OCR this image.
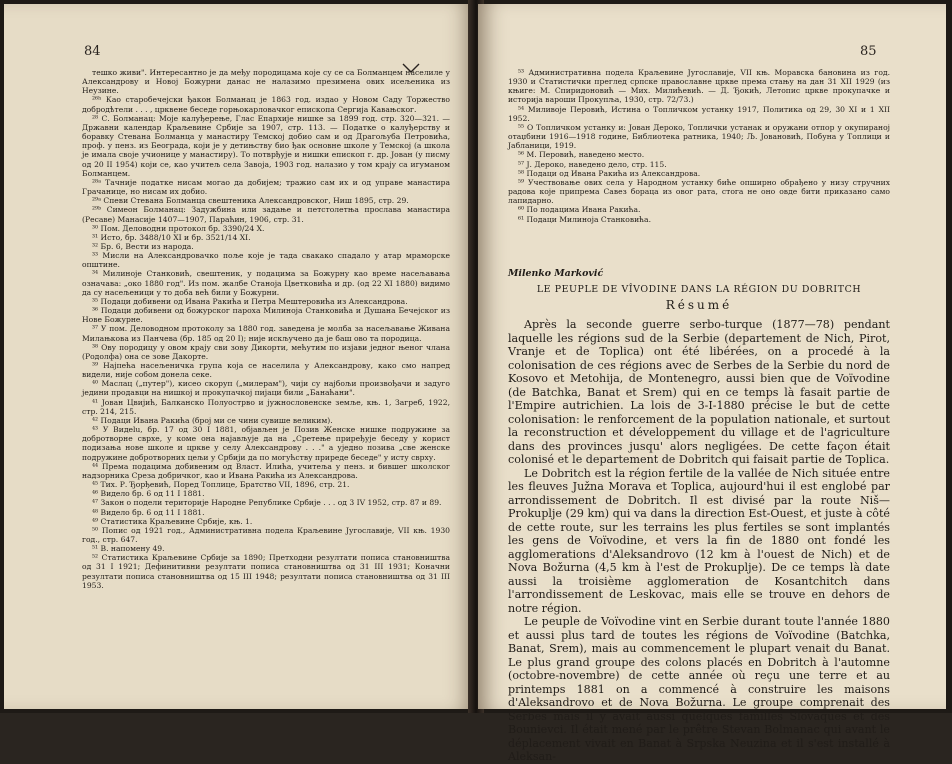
84

тешко живи". Интересантно је да међу породицама које су се са Болманцем населиле у Александрову и Новој Божурни данас не налазимо презимена ових исељеника из Неузине.

²⁶ʰ Као старобечејски ђакон Болманац је 1863 год. издао у Новом Саду Торжество добродѣтели . . . , црквене беседе горњокарловачког епископа Сергија Кавањског.

²⁸ С. Болманац: Моје калуђерење, Глас Епархије нишке за 1899 год. стр. 320—321. — Државни календар Краљевине Србије за 1907, стр. 113. — Податке о калуђерству и боравку Стевана Болманца у манастиру Темској добио сам и од Драгољуба Петровића, проф. у пенз. из Београда, који је у детињству био ђак основне школе у Темској (а школа је имала своје учионице у манастиру). То потврђује и нишки епископ г. др. Јован (у писму од 20 II 1954) који се, као учитељ села Завоја, 1903 год. налазио у том крају са игуманом Болманцем.

²⁸ᵃ Тачније податке нисам могао да добијем; тражио сам их и од управе манастира Грачанице, но нисам их добио.

²⁹ᵃ Спеви Стевана Болманца свештеника Александровског, Ниш 1895, стр. 29.

²⁹ᵇ Симеон Болманац: Задужбина или задање и петстолетња прослава манастира (Ресаве) Манасије 1407—1907, Параћин, 1906, стр. 31.

³⁰ Пом. Деловодни протокол бр. 3390/24 X.

³¹ Исто, бр. 3488/10 XI и бр. 3521/14 XI.

³² Бр. 6, Вести из народа.

³³ Мисли на Александровачко поље које је тада свакако спадало у атар мраморске општине.

³⁴ Милинојe Станковић, свештеник, у подацима за Божурну каo време насељавања означава: „око 1880 год". Из пом. жалбе Станоја Цветковића и др. (од 22 XI 1880) видимо да су насељеници у то доба већ били у Божурни.

³⁵ Подаци добивени од Ивана Ракића и Петра Мештеровића из Александрова.

³⁶ Подаци добивени од божурског пароха Милинојa Станковића и Душана Бечејског из Нове Божурне.

³⁷ У пом. Деловодном протоколу за 1880 год. заведена је молба за насељавање Живана Милањкова из Панчева (бр. 185 од 20 I); није искључено да је баш ово та породица.

³⁸ Ову породицу у овом крају сви зову Дикорти, мећутим по изјави једног њеног члана (Родолфа) она се зове Дакорте.

³⁹ Најпећа насељеничка група која се населила у Александрову, како смо напред видели, није собом донела секе.

⁴⁰ Маслац („путер"), кисео скоруп („милерам"), чији су најбољи произвођачи и задуго једини продавци на нишкој и прокупачкој пијаци били „Банаћани".

⁴¹ Јован Цвијић, Балканско Полуострво и јужнословенске земље, књ. 1, Загреб, 1922, стр. 214, 215.

⁴² Подаци Ивана Ракића (број ми се чини сувише великим).

⁴³ У Видelu, бр. 17 од 30 I 1881, објављен је Позив Женске нишке подружине за добротворне сврхе, у коме она најављује да на „Сретење приређује беседу у корист подизања нове школе и цркве у селу Александрову . . ." а уједно позива „све женске подружине добротворних цељи у Србији да по могућству приреде беседе" у исту сврху.

⁴⁴ Према подацима добивеним од Власт. Илића, учитеља у пенз. и бившег школског надзорника Среза добричког, као и Ивана Ракића из Александрова.

⁴⁵ Тих. Р. Ђорђевић, Поред Топлице, Братство VII, 1896, стр. 21.

⁴⁶ Видело бр. 6 од 11 I 1881.

⁴⁷ Закон о подели територије Народне Републике Србије . . . од 3 IV 1952, стр. 87 и 89.

⁴⁸ Видело бр. 6 од 11 I 1881.

⁴⁹ Статистика Краљевине Србије, књ. 1.

⁵⁰ Попис од 1921 год., Административна подела Краљевине Југославије, VII књ. 1930 год., стр. 647.

⁵¹ В. напомену 49.

⁵² Статистика Краљевине Србије за 1890; Претходни резултати пописа становништва од 31 I 1921; Дефинитивни резултати пописа становништва од 31 III 1931; Коначни резултати пописа становништва од 15 III 1948; резултати пописа становништва од 31 III 1953.

85

⁵³ Административна подела Краљевине Југославије, VII књ. Моравска бановина из год. 1930 и Статистички преглед српске православне цркве према стању на дан 31 XII 1929 (из књиге: М. Спиридоновић — Мих. Милићевић. — Д. Ђокић, Летопис цркве прокупачке и историја вароши Прокупља, 1930, стр. 72/73.)

⁵⁴ Миливоје Перовић, Истина о Топличком устанку 1917, Политика од 29, 30 XI и 1 XII 1952.

⁵⁵ О Топличком устанку и: Јован Дероко, Топлички устанак и оружани отпор у окупираној отаџбини 1916—1918 године, Библиотека ратника, 1940; Љ. Јовановић, Побуна у Топлици и Јабланици, 1919.

⁵⁶ М. Перовић, наведено место.

⁵⁷ Ј. Дероко, наведено дело, стр. 115.

⁵⁸ Подаци од Ивана Ракића из Александрова.

⁵⁹ Учествовање ових села у Народном устанку биће опширно обрађено у низу стручних радова које припрема Савез бораца из овог рата, стога не оно овде бити приказано само лапидарно.

⁶⁰ По подацима Ивана Ракића.

⁶¹ Подаци Милинојa Станковића.

Milenko Marković
LE PEUPLE DE VÎVODINE DANS LA RÉGION DU DOBRITCH
Résumé

Après la seconde guerre serbo-turque (1877—78) pendant laquelle les régions sud de la Serbie (departement de Nich, Pirot, Vranje et de Toplica) ont été libérées, on a procedé à la colonisation de ces régions avec de Serbes de la Serbie du nord de Kosovo et Metohija, de Montenegro, aussi bien que de Voïvodine (de Batchka, Banat et Srem) qui en ce temps là fasait partie de l'Empire autrichien. La lois de 3-I-1880 précise le but de cette colonisation: le renforcement de la population nationale, et surtout la reconstruction et développement du village et de l'agriculture dans des provinces jusqu' alors negligées. De cette façon était colonisé et le departement de Dobritch qui faisait partie de Toplica.

Le Dobritch est la région fertile de la vallée de Nich située entre les fleuves Južna Morava et Toplica, aujourd'hui il est englobé par arrondissement de Dobritch. Il est divisé par la route Niš—Prokuplje (29 km) qui va dans la direction Est-Ouest, et juste à côté de cette route, sur les terrains les plus fertiles se sont implantés les gens de Voïvodine, et vers la fin de 1880 ont fondé les agglomerations d'Aleksandrovo (12 km à l'ouest de Nich) et de Nova Božurna (4,5 km à l'est de Prokuplje). De ce temps là date aussi la troisième agglomeration de Kosantchitch dans l'arrondissement de Leskovac, mais elle se trouve en dehors de notre région.

Le peuple de Voïvodine vint en Serbie durant toute l'année 1880 et aussi plus tard de toutes les régions de Voïvodine (Batchka, Banat, Srem), mais au commencement le plupart venait du Banat. Le plus grand groupe des colons placés en Dobritch à l'automne (octobre-novembre) de cette année où reçu une terre et au printemps 1881 on a commencé à construire les maisons d'Aleksandrovo et de Nova Božurna. Le groupe comprenait des Serbes mais il y avait aussi quelques familles Slovaques et des Bounievci. Il était mené par le prêtre Stevan Bolmanac qui avant le déplacement vivait en Banat à Srpska Neuzina et il s'est installé à Aleksan-
